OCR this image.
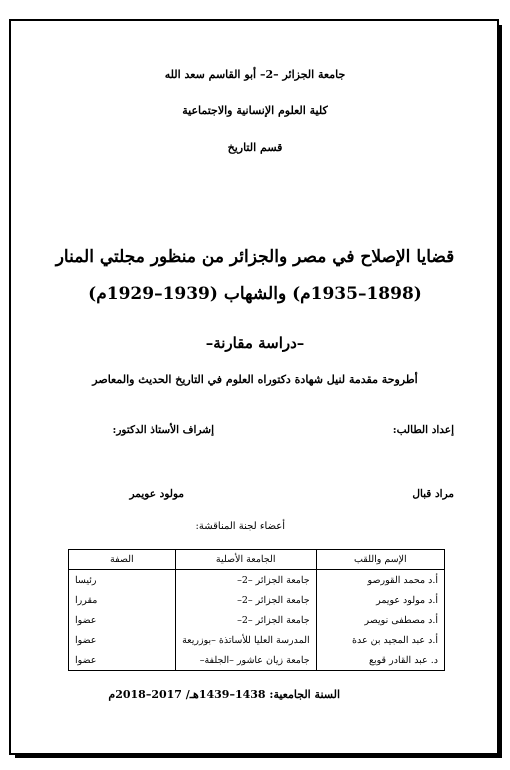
جامعة الجزائر –2– أبو القاسم سعد الله
كلية العلوم الإنسانية والاجتماعية
قسم التاريخ
قضايا الإصلاح في مصر والجزائر من منظور مجلتي المنار
(1898–1935م) والشهاب (1939–1929م)
–دراسة مقارنة–
أطروحة مقدمة لنيل شهادة دكتوراه العلوم في التاريخ الحديث والمعاصر
إعداد الطالب:
إشراف الأستاذ الدكتور:
مراد قبال
مولود عويمر
أعضاء لجنة المناقشة:
الإسم واللقب	الجامعة الأصلية	الصفة
أ.د محمد القورصو	جامعة الجزائر –2–	رئيسا
أ.د مولود عويمر	جامعة الجزائر –2–	مقررا
أ.د مصطفى نويصر	جامعة الجزائر –2–	عضوا
أ.د عبد المجيد بن عدة	المدرسة العليا للأساتذة –بوزريعة	عضوا
د. عبد القادر قوبع	جامعة زيان عاشور –الجلفة–	عضوا
السنة الجامعية: 1438–1439هـ/ 2017–2018م
